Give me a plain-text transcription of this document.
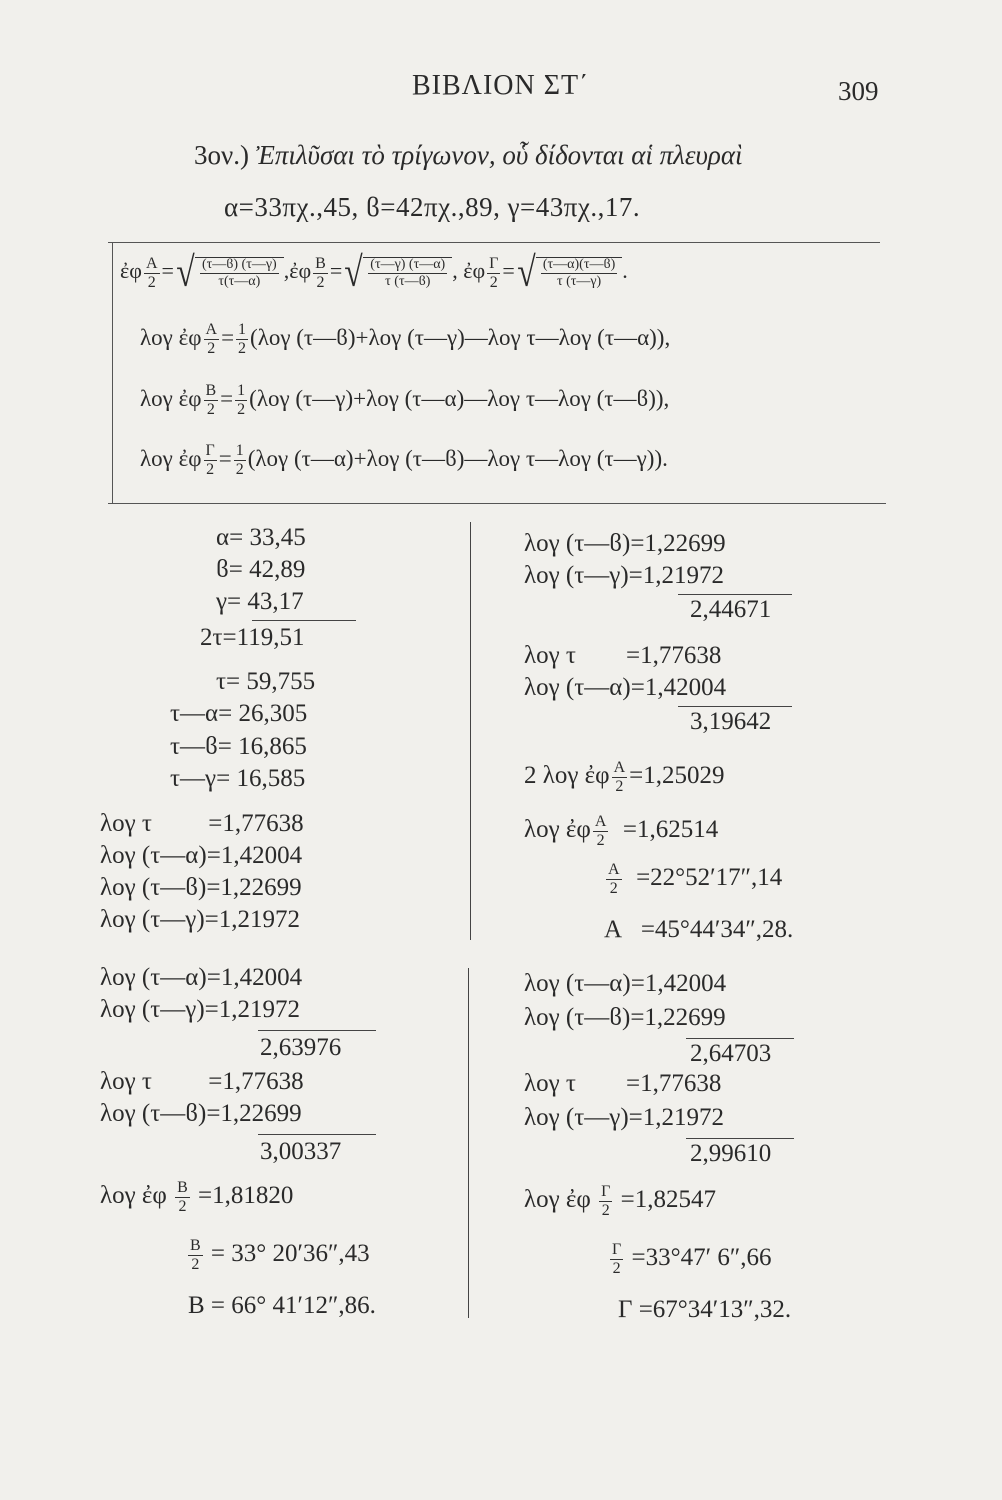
ΒΙΒΛΙΟΝ ΣΤ΄	309
3ον.) Ἐπιλῦσαι τὸ τρίγωνον, οὗ δίδονται αἱ πλευραὶ
α=33πχ.,45, ϐ=42πχ.,89, γ=43πχ.,17.
ἐφ $\frac{A}{2}$ = √ $\frac{(\tau—ϐ) (\tau—\gamma)}{\tau(\tau—\alpha)}$ ,ἐφ $\frac{B}{2}$ = √ $\frac{(\tau—\gamma) (\tau—\alpha)}{\tau (\tau—ϐ)}$ , ἐφ $\frac{\Gamma}{2}$ = √ $\frac{(\tau—\alpha)(\tau—ϐ)}{\tau (\tau—\gamma)}$ .
λογ ἐφ $\frac{A}{2} = \frac{1}{2} (\lambda o\gamma$ (τ—ϐ)+λογ (τ—γ)—λογ τ—λογ (τ—α)),
λογ ἐφ $\frac{B}{2} = \frac{1}{2} (\lambda o\gamma$ (τ—γ)+λογ (τ—α)—λογ τ—λογ (τ—ϐ)),
λογ ἐφ $\frac{\Gamma}{2} = \frac{1}{2} (\lambda o\gamma$ (τ—α)+λογ (τ—ϐ)—λογ τ—λογ (τ—γ)).
α= 33,45
ϐ= 42,89
γ= 43,17
2τ=119,51
τ= 59,755
τ—α= 26,305
τ—ϐ= 16,865
τ—γ= 16,585
λογ τ         =1,77638
λογ (τ—α)=1,42004
λογ (τ—ϐ)=1,22699
λογ (τ—γ)=1,21972
λογ (τ—ϐ)=1,22699
λογ (τ—γ)=1,21972
2,44671
λογ τ        =1,77638
λογ (τ—α)=1,42004
3,19642
2 λογ ἐφ $\frac{A}{2} =1,25029$
λογ ἐφ $\frac{A}{2} =1,62514$
$\frac{A}{2} =22^\circ 52'17'',14$
Α =45°44′34″,28.
λογ (τ—α)=1,42004
λογ (τ—γ)=1,21972
2,63976
λογ τ         =1,77638
λογ (τ—ϐ)=1,22699
3,00337
λογ ἐφ $\frac{B}{2} =1,81820$
$\frac{B}{2} = 33^\circ$ 20′36″,43
Β = 66° 41′12″,86.
λογ (τ—α)=1,42004
λογ (τ—ϐ)=1,22699
2,64703
λογ τ        =1,77638
λογ (τ—γ)=1,21972
2,99610
λογ ἐφ $\frac{\Gamma}{2} =1,82547$
$\frac{\Gamma}{2} =33^\circ 47'$ 6″,66
Γ =67°34′13″,32.
